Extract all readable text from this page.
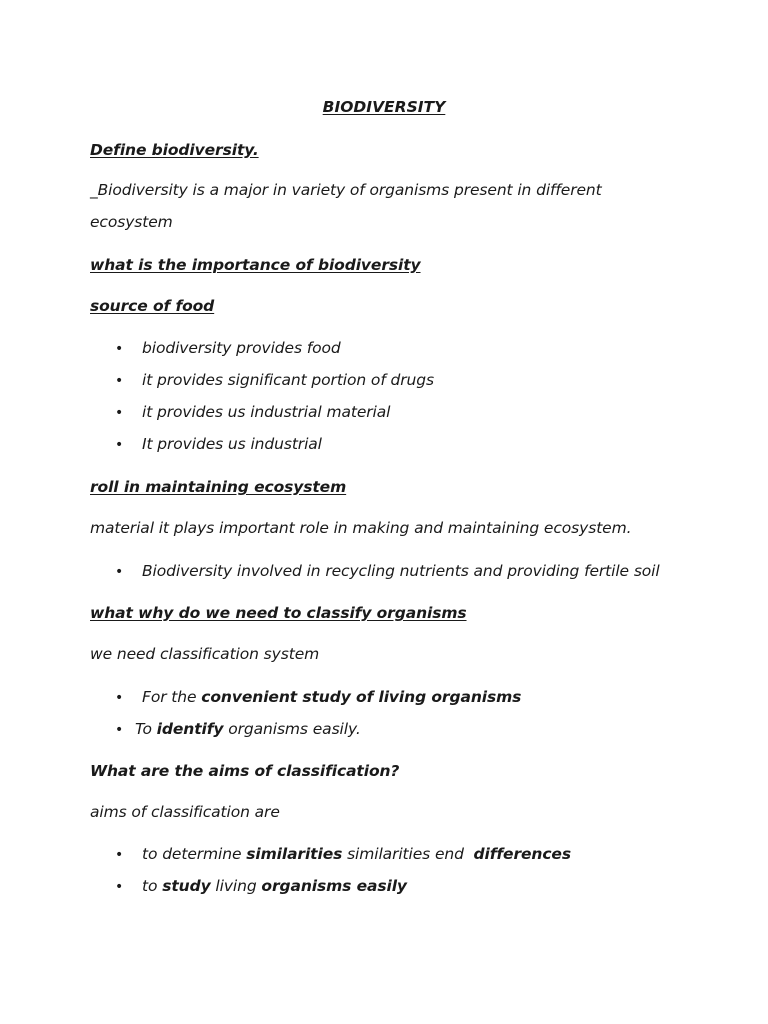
BIODIVERSITY
Define biodiversity.
_Biodiversity is a major in variety of organisms present in different
ecosystem
what is the importance of biodiversity
source of food
• biodiversity provides food
• it provides significant portion of drugs
• it provides us industrial material
• It provides us industrial
roll in maintaining ecosystem
material it plays important role in making and maintaining ecosystem.
• Biodiversity involved in recycling nutrients and providing fertile soil
what why do we need to classify organisms
we need classification system
• For the convenient study of living organisms
• To identify organisms easily.
What are the aims of classification?
aims of classification are
• to determine similarities similarities end  differences
• to study living organisms easily
